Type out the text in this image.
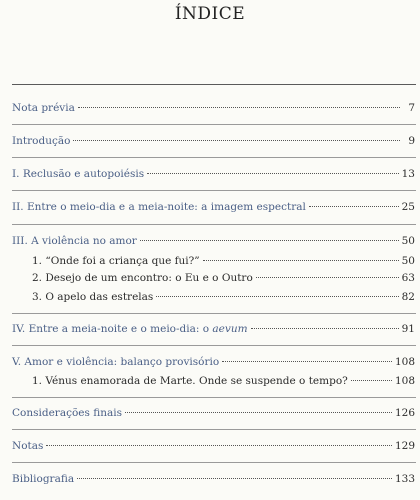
ÍNDICE
Nota prévia	7
Introdução	9
I. Reclusão e autopoiésis	13
II. Entre o meio-dia e a meia-noite: a imagem espectral	25
III. A violência no amor	50
1. “Onde foi a criança que fui?”	50
2. Desejo de um encontro: o Eu e o Outro	63
3. O apelo das estrelas	82
IV. Entre a meia-noite e o meio-dia: o aevum	91
V. Amor e violência: balanço provisório	108
1. Vénus enamorada de Marte. Onde se suspende o tempo?	108
Considerações finais	126
Notas	129
Bibliografia	133
